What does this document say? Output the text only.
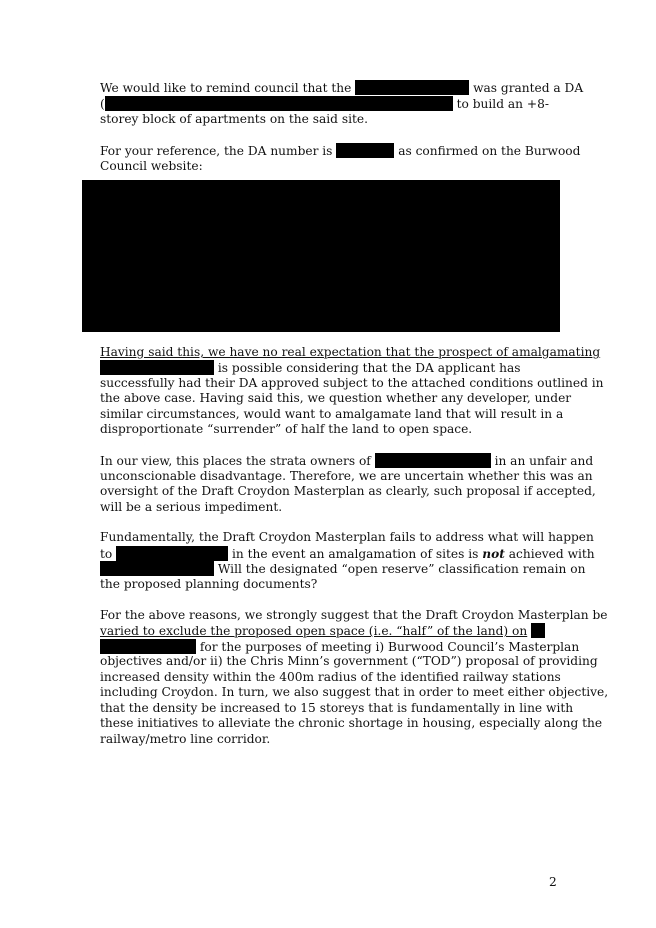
We would like to remind council that the	was granted a DA
(	to build an +8-
storey block of apartments on the said site.
For your reference, the DA number is	as confirmed on the Burwood
Council website:
Having said this, we have no real expectation that the prospect of amalgamating
is possible considering that the DA applicant has
successfully had their DA approved subject to the attached conditions outlined in
the above case. Having said this, we question whether any developer, under
similar circumstances, would want to amalgamate land that will result in a
disproportionate “surrender” of half the land to open space.
In our view, this places the strata owners of	in an unfair and
unconscionable disadvantage. Therefore, we are uncertain whether this was an
oversight of the Draft Croydon Masterplan as clearly, such proposal if accepted,
will be a serious impediment.
Fundamentally, the Draft Croydon Masterplan fails to address what will happen
to	in the event an amalgamation of sites is not achieved with
Will the designated “open reserve” classification remain on
the proposed planning documents?
For the above reasons, we strongly suggest that the Draft Croydon Masterplan be
varied to exclude the proposed open space (i.e. “half” of the land) on
for the purposes of meeting i) Burwood Council’s Masterplan
objectives and/or ii) the Chris Minn’s government (“TOD”) proposal of providing
increased density within the 400m radius of the identified railway stations
including Croydon. In turn, we also suggest that in order to meet either objective,
that the density be increased to 15 storeys that is fundamentally in line with
these initiatives to alleviate the chronic shortage in housing, especially along the
railway/metro line corridor.
2
